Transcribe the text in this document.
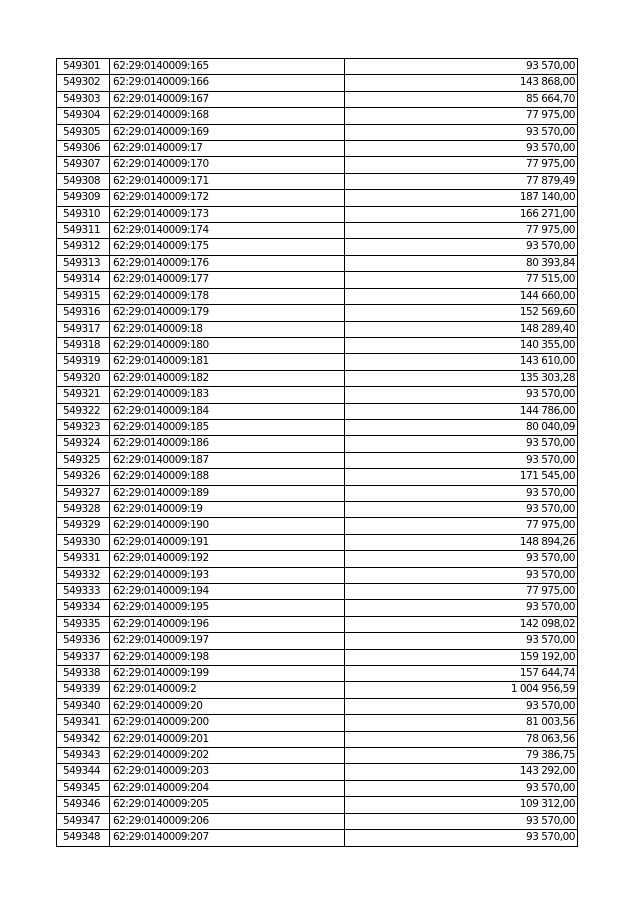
549301	62:29:0140009:165	93 570,00
549302	62:29:0140009:166	143 868,00
549303	62:29:0140009:167	85 664,70
549304	62:29:0140009:168	77 975,00
549305	62:29:0140009:169	93 570,00
549306	62:29:0140009:17	93 570,00
549307	62:29:0140009:170	77 975,00
549308	62:29:0140009:171	77 879,49
549309	62:29:0140009:172	187 140,00
549310	62:29:0140009:173	166 271,00
549311	62:29:0140009:174	77 975,00
549312	62:29:0140009:175	93 570,00
549313	62:29:0140009:176	80 393,84
549314	62:29:0140009:177	77 515,00
549315	62:29:0140009:178	144 660,00
549316	62:29:0140009:179	152 569,60
549317	62:29:0140009:18	148 289,40
549318	62:29:0140009:180	140 355,00
549319	62:29:0140009:181	143 610,00
549320	62:29:0140009:182	135 303,28
549321	62:29:0140009:183	93 570,00
549322	62:29:0140009:184	144 786,00
549323	62:29:0140009:185	80 040,09
549324	62:29:0140009:186	93 570,00
549325	62:29:0140009:187	93 570,00
549326	62:29:0140009:188	171 545,00
549327	62:29:0140009:189	93 570,00
549328	62:29:0140009:19	93 570,00
549329	62:29:0140009:190	77 975,00
549330	62:29:0140009:191	148 894,26
549331	62:29:0140009:192	93 570,00
549332	62:29:0140009:193	93 570,00
549333	62:29:0140009:194	77 975,00
549334	62:29:0140009:195	93 570,00
549335	62:29:0140009:196	142 098,02
549336	62:29:0140009:197	93 570,00
549337	62:29:0140009:198	159 192,00
549338	62:29:0140009:199	157 644,74
549339	62:29:0140009:2	1 004 956,59
549340	62:29:0140009:20	93 570,00
549341	62:29:0140009:200	81 003,56
549342	62:29:0140009:201	78 063,56
549343	62:29:0140009:202	79 386,75
549344	62:29:0140009:203	143 292,00
549345	62:29:0140009:204	93 570,00
549346	62:29:0140009:205	109 312,00
549347	62:29:0140009:206	93 570,00
549348	62:29:0140009:207	93 570,00
